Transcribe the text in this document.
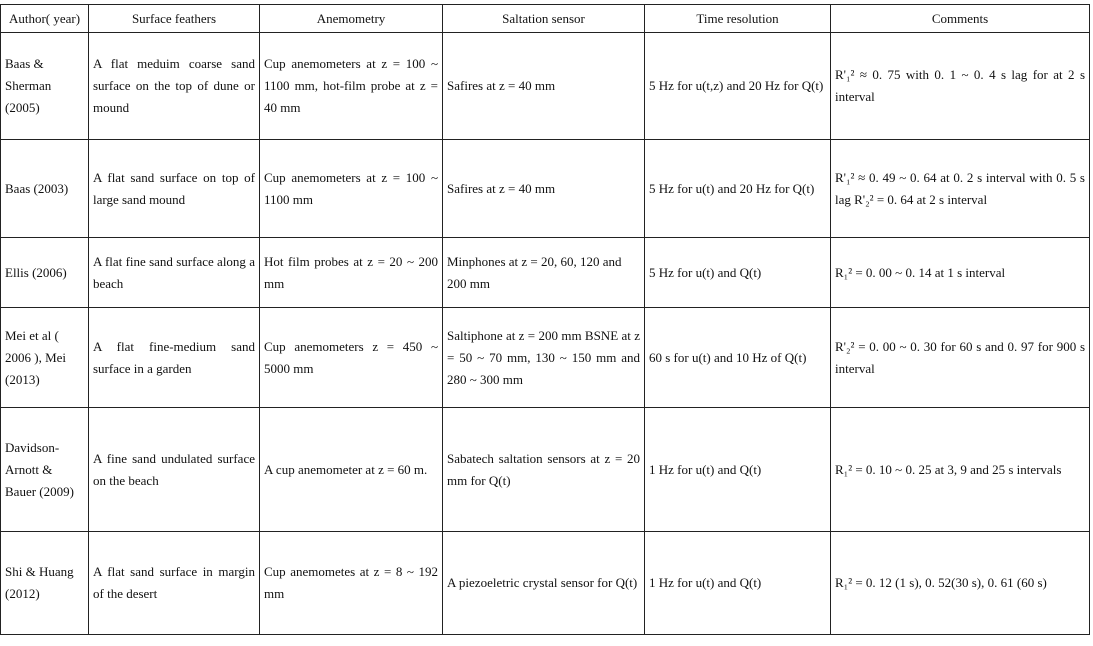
Author( year)	Surface feathers	Anemometry	Saltation sensor	Time resolution	Comments
Baas & Sherman (2005)	A flat meduim coarse sand surface on the top of dune or mound	Cup anemometers at z = 100 ~ 1100 mm, hot-film probe at z = 40 mm	Safires at z = 40 mm	5 Hz for u(t,z) and 20 Hz for Q(t)	R'₁² ≈ 0. 75 with 0. 1 ~ 0. 4 s lag for at 2 s interval
Baas (2003)	A flat sand surface on top of large sand mound	Cup anemometers at z = 100 ~ 1100 mm	Safires at z = 40 mm	5 Hz for u(t) and 20 Hz for Q(t)	R'₁² ≈ 0. 49 ~ 0. 64 at 0. 2 s interval with 0. 5 s lag R'₂² = 0. 64 at 2 s interval
Ellis (2006)	A flat fine sand surface along a beach	Hot film probes at z = 20 ~ 200 mm	Minphones at z = 20, 60, 120 and 200 mm	5 Hz for u(t) and Q(t)	R₁² = 0. 00 ~ 0. 14 at 1 s interval
Mei et al ( 2006 ), Mei (2013)	A flat fine-medium sand surface in a garden	Cup anemometers z = 450 ~ 5000 mm	Saltiphone at z = 200 mm BSNE at z = 50 ~ 70 mm, 130 ~ 150 mm and 280 ~ 300 mm	60 s for u(t) and 10 Hz of Q(t)	R'₂² = 0. 00 ~ 0. 30 for 60 s and 0. 97 for 900 s interval
Davidson-Arnott & Bauer (2009)	A fine sand undulated surface on the beach	A cup anemometer at z = 60 m.	Sabatech saltation sensors at z = 20 mm for Q(t)	1 Hz for u(t) and Q(t)	R₁² = 0. 10 ~ 0. 25 at 3, 9 and 25 s intervals
Shi & Huang (2012)	A flat sand surface in margin of the desert	Cup anemometes at z = 8 ~ 192 mm	A piezoeletric crystal sensor for Q(t)	1 Hz for u(t) and Q(t)	R₁² = 0. 12 (1 s), 0. 52(30 s), 0. 61 (60 s)
